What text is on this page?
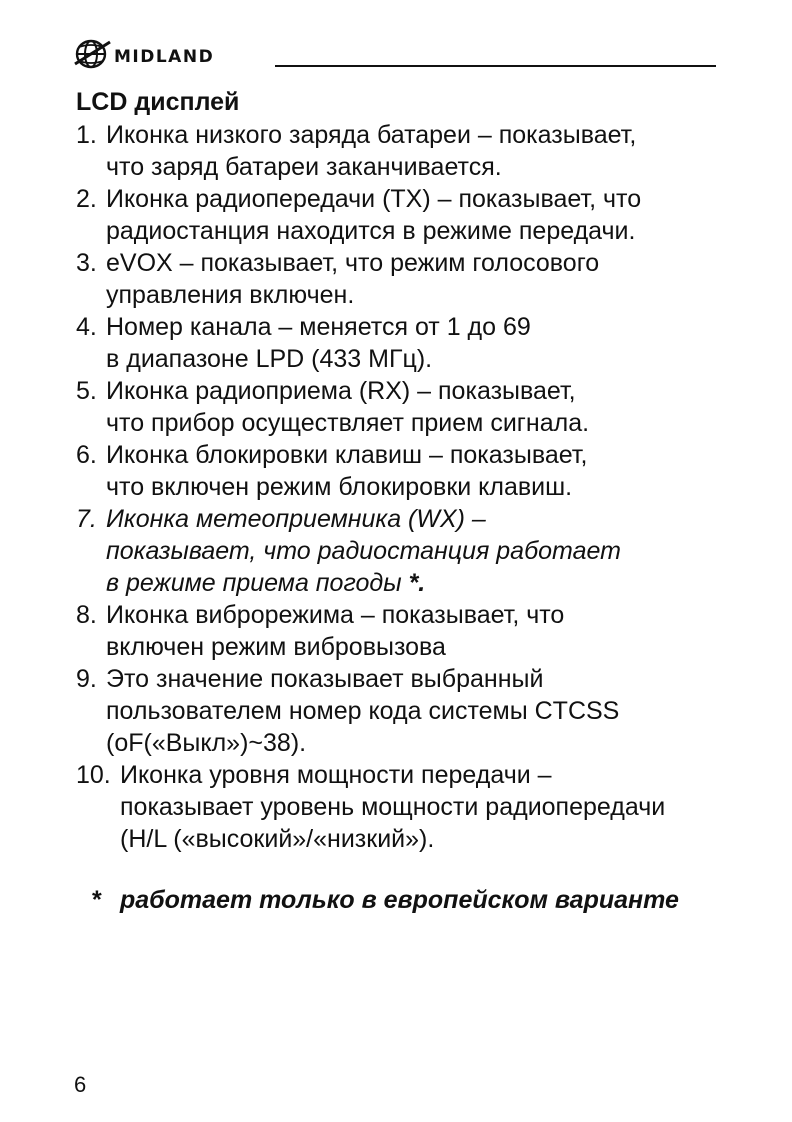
MIDLAND
LCD дисплей
1. Иконка низкого заряда батареи – показывает,
что заряд батареи заканчивается.
2. Иконка радиопередачи (TX) – показывает, что
радиостанция находится в режиме передачи.
3. eVOX – показывает, что режим голосового
управления включен.
4. Номер канала – меняется от 1 до 69
в диапазоне LPD (433 МГц).
5. Иконка радиоприема (RX) – показывает,
что прибор осуществляет прием сигнала.
6. Иконка блокировки клавиш – показывает,
что включен режим блокировки клавиш.
7. Иконка метеоприемника (WX) –
показывает, что радиостанция работает
в режиме приема погоды *.
8. Иконка виброрежима – показывает, что
включен режим вибровызова
9. Это значение показывает выбранный
пользователем номер кода системы CTCSS
(oF(«Выкл»)~38).
10. Иконка уровня мощности передачи –
показывает уровень мощности радиопередачи
(H/L («высокий»/«низкий»).
* работает только в европейском варианте
6
